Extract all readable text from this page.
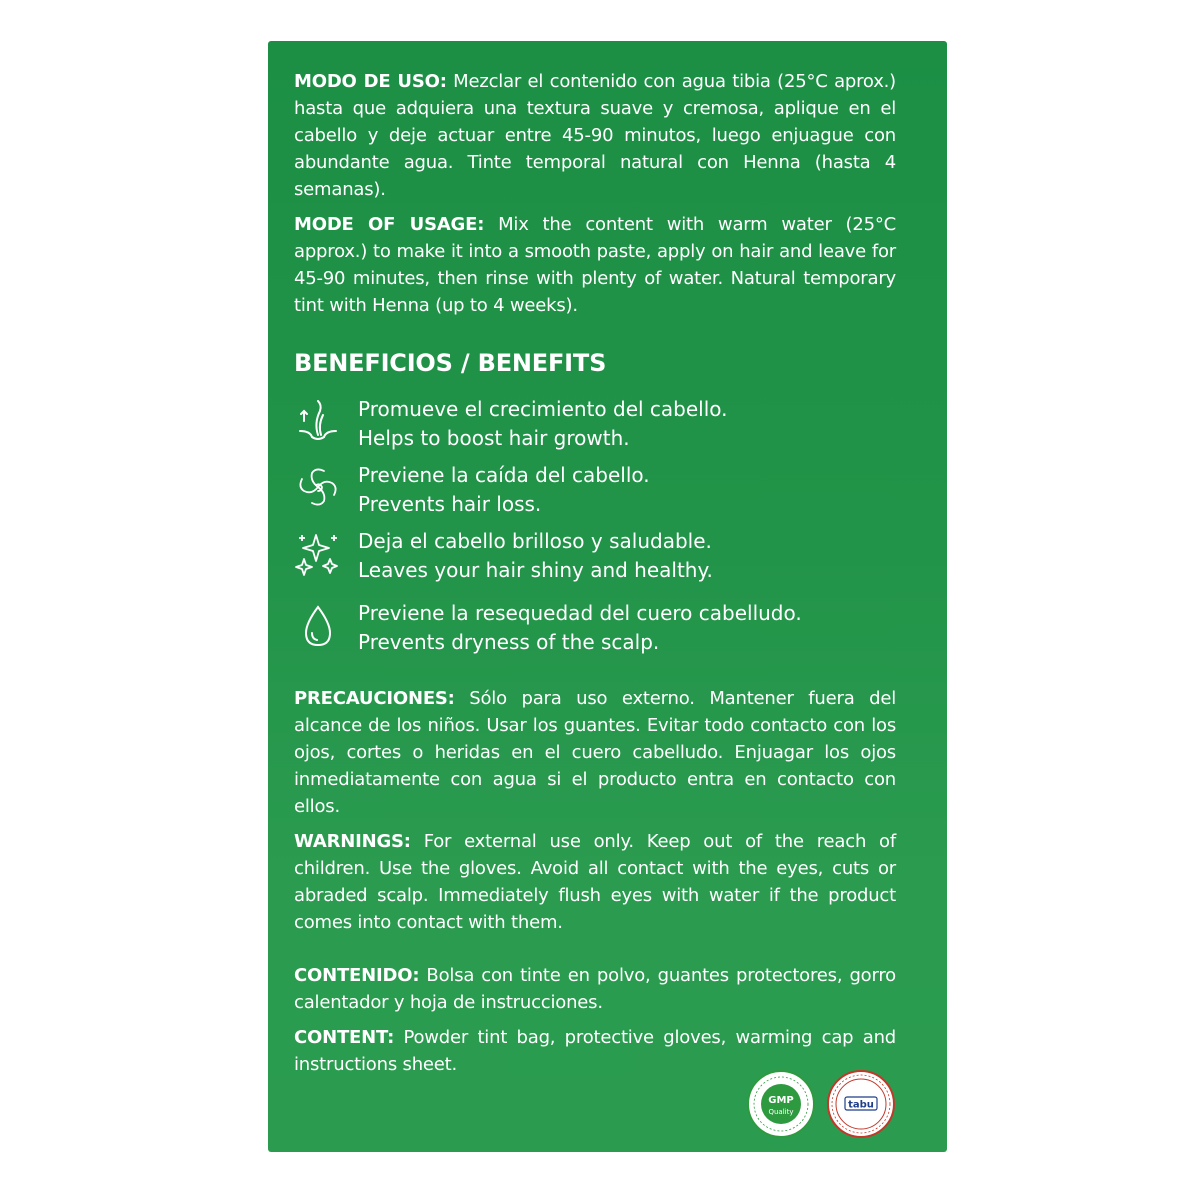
MODO DE USO: Mezclar el contenido con agua tibia (25°C aprox.) hasta que adquiera una textura suave y cremosa, aplique en el cabello y deje actuar entre 45-90 minutos, luego enjuague con abundante agua. Tinte temporal natural con Henna (hasta 4 semanas).

MODE OF USAGE: Mix the content with warm water (25°C approx.) to make it into a smooth paste, apply on hair and leave for 45-90 minutes, then rinse with plenty of water. Natural temporary tint with Henna (up to 4 weeks).

BENEFICIOS / BENEFITS
Promueve el crecimiento del cabello.
Helps to boost hair growth.
Previene la caída del cabello.
Prevents hair loss.
Deja el cabello brilloso y saludable.
Leaves your hair shiny and healthy.
Previene la resequedad del cuero cabelludo.
Prevents dryness of the scalp.

PRECAUCIONES: Sólo para uso externo. Mantener fuera del alcance de los niños. Usar los guantes. Evitar todo contacto con los ojos, cortes o heridas en el cuero cabelludo. Enjuagar los ojos inmediatamente con agua si el producto entra en contacto con ellos.

WARNINGS: For external use only. Keep out of the reach of children. Use the gloves. Avoid all contact with the eyes, cuts or abraded scalp. Immediately flush eyes with water if the product comes into contact with them.

CONTENIDO: Bolsa con tinte en polvo, guantes protectores, gorro calentador y hoja de instrucciones.

CONTENT: Powder tint bag, protective gloves, warming cap and instructions sheet.

GMP
Quality
tabu
